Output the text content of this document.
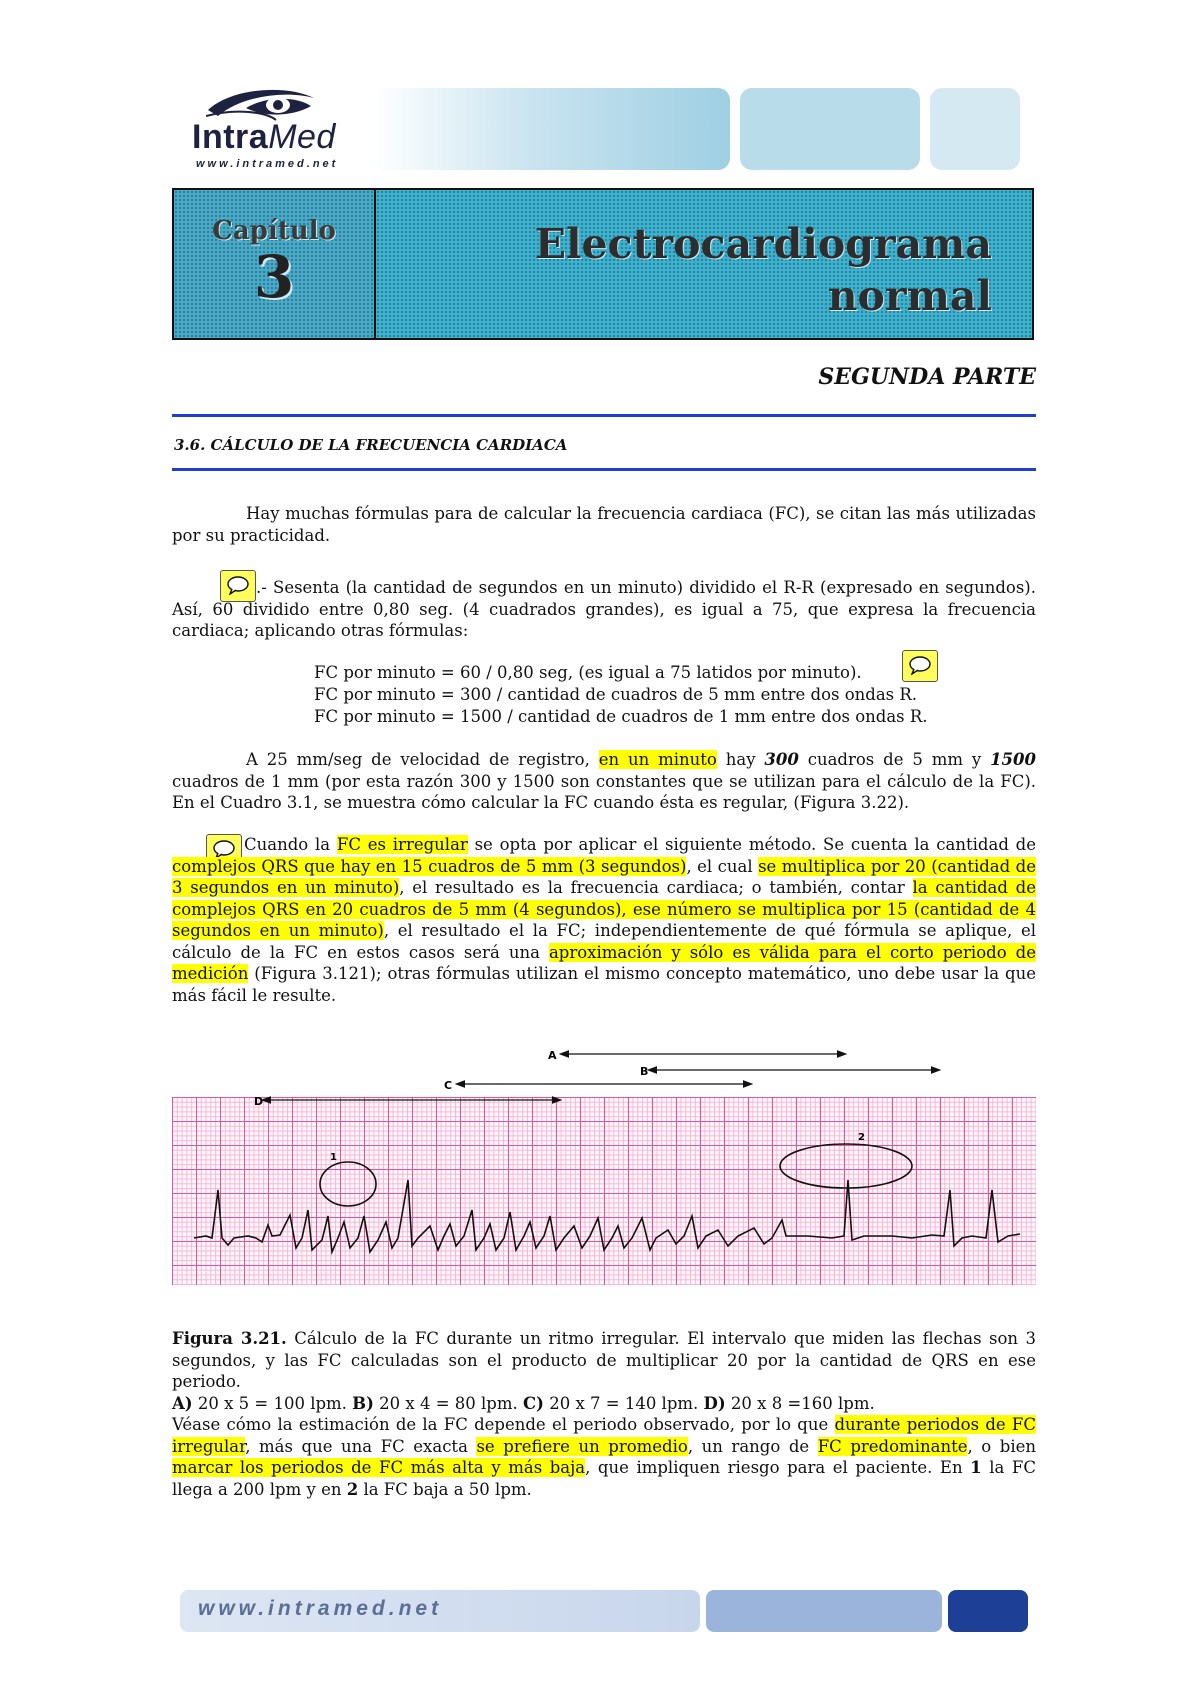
IntraMed
www.intramed.net
Capítulo
3	Electrocardiograma
normal
SEGUNDA PARTE
3.6. CÁLCULO DE LA FRECUENCIA CARDIACA
Hay muchas fórmulas para de calcular la frecuencia cardiaca (FC), se citan las más utilizadas por su practicidad.
.- Sesenta (la cantidad de segundos en un minuto) dividido el R-R (expresado en segundos). Así, 60 dividido entre 0,80 seg. (4 cuadrados grandes), es igual a 75, que expresa la frecuencia cardiaca; aplicando otras fórmulas:
FC por minuto = 60 / 0,80 seg, (es igual a 75 latidos por minuto).
FC por minuto = 300 / cantidad de cuadros de 5 mm entre dos ondas R.
FC por minuto = 1500 / cantidad de cuadros de 1 mm entre dos ondas R.
A 25 mm/seg de velocidad de registro, en un minuto hay 300 cuadros de 5 mm y 1500 cuadros de 1 mm (por esta razón 300 y 1500 son constantes que se utilizan para el cálculo de la FC). En el Cuadro 3.1, se muestra cómo calcular la FC cuando ésta es regular, (Figura 3.22).
Cuando la FC es irregular se opta por aplicar el siguiente método. Se cuenta la cantidad de complejos QRS que hay en 15 cuadros de 5 mm (3 segundos), el cual se multiplica por 20 (cantidad de 3 segundos en un minuto), el resultado es la frecuencia cardiaca; o también, contar la cantidad de complejos QRS en 20 cuadros de 5 mm (4 segundos), ese número se multiplica por 15 (cantidad de 4 segundos en un minuto), el resultado el la FC; independientemente de qué fórmula se aplique, el cálculo de la FC en estos casos será una aproximación y sólo es válida para el corto periodo de medición (Figura 3.121); otras fórmulas utilizan el mismo concepto matemático, uno debe usar la que más fácil le resulte.
A
B
C
D
1
2
Figura 3.21. Cálculo de la FC durante un ritmo irregular. El intervalo que miden las flechas son 3 segundos, y las FC calculadas son el producto de multiplicar 20 por la cantidad de QRS en ese periodo.
A) 20 x 5 = 100 lpm. B) 20 x 4 = 80 lpm. C) 20 x 7 = 140 lpm. D) 20 x 8 =160 lpm.
Véase cómo la estimación de la FC depende el periodo observado, por lo que durante periodos de FC irregular, más que una FC exacta se prefiere un promedio, un rango de FC predominante, o bien marcar los periodos de FC más alta y más baja, que impliquen riesgo para el paciente. En 1 la FC llega a 200 lpm y en 2 la FC baja a 50 lpm.
www.intramed.net
